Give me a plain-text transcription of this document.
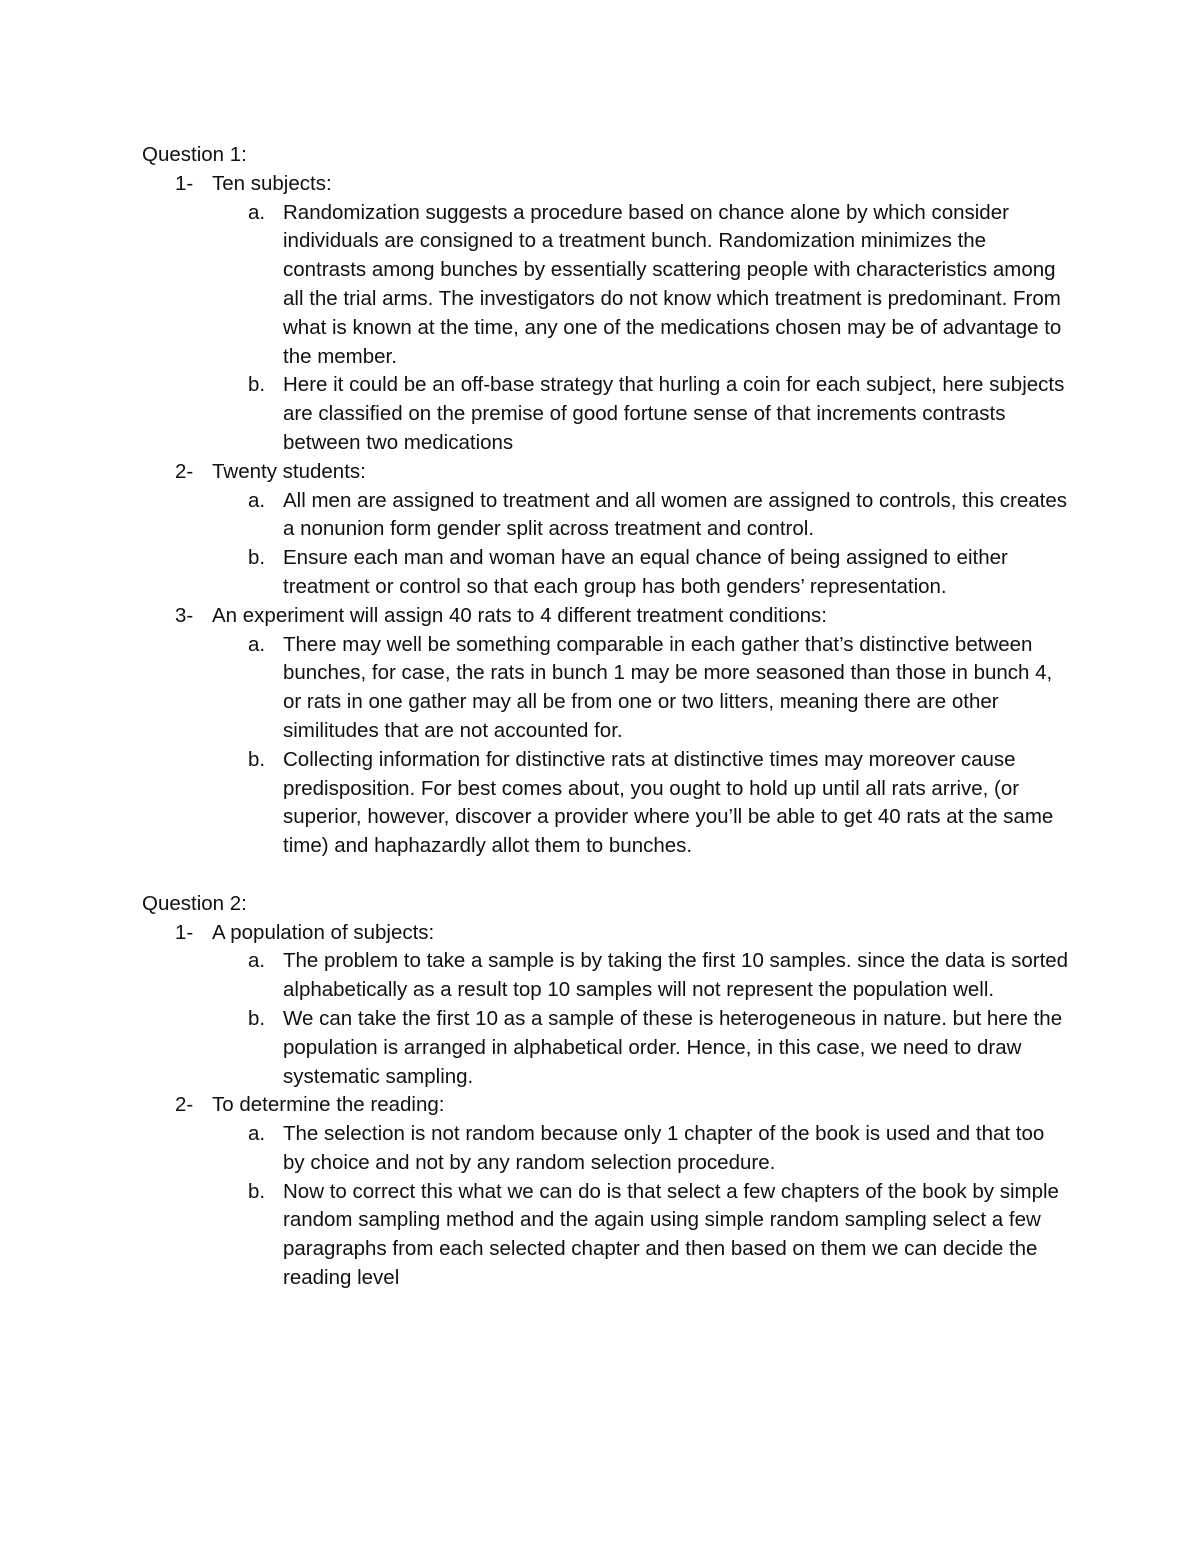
Question 1:
1- Ten subjects:
a. Randomization suggests a procedure based on chance alone by which consider individuals are consigned to a treatment bunch. Randomization minimizes the contrasts among bunches by essentially scattering people with characteristics among all the trial arms. The investigators do not know which treatment is predominant. From what is known at the time, any one of the medications chosen may be of advantage to the member.
b. Here it could be an off-base strategy that hurling a coin for each subject, here subjects are classified on the premise of good fortune sense of that increments contrasts between two medications
2- Twenty students:
a. All men are assigned to treatment and all women are assigned to controls, this creates a nonunion form gender split across treatment and control.
b. Ensure each man and woman have an equal chance of being assigned to either treatment or control so that each group has both genders’ representation.
3- An experiment will assign 40 rats to 4 different treatment conditions:
a. There may well be something comparable in each gather that’s distinctive between bunches, for case, the rats in bunch 1 may be more seasoned than those in bunch 4, or rats in one gather may all be from one or two litters, meaning there are other similitudes that are not accounted for.
b. Collecting information for distinctive rats at distinctive times may moreover cause predisposition. For best comes about, you ought to hold up until all rats arrive, (or superior, however, discover a provider where you’ll be able to get 40 rats at the same time) and haphazardly allot them to bunches.
Question 2:
1- A population of subjects:
a. The problem to take a sample is by taking the first 10 samples. since the data is sorted alphabetically as a result top 10 samples will not represent the population well.
b. We can take the first 10 as a sample of these is heterogeneous in nature. but here the population is arranged in alphabetical order. Hence, in this case, we need to draw systematic sampling.
2- To determine the reading:
a. The selection is not random because only 1 chapter of the book is used and that too by choice and not by any random selection procedure.
b. Now to correct this what we can do is that select a few chapters of the book by simple random sampling method and the again using simple random sampling select a few paragraphs from each selected chapter and then based on them we can decide the reading level
